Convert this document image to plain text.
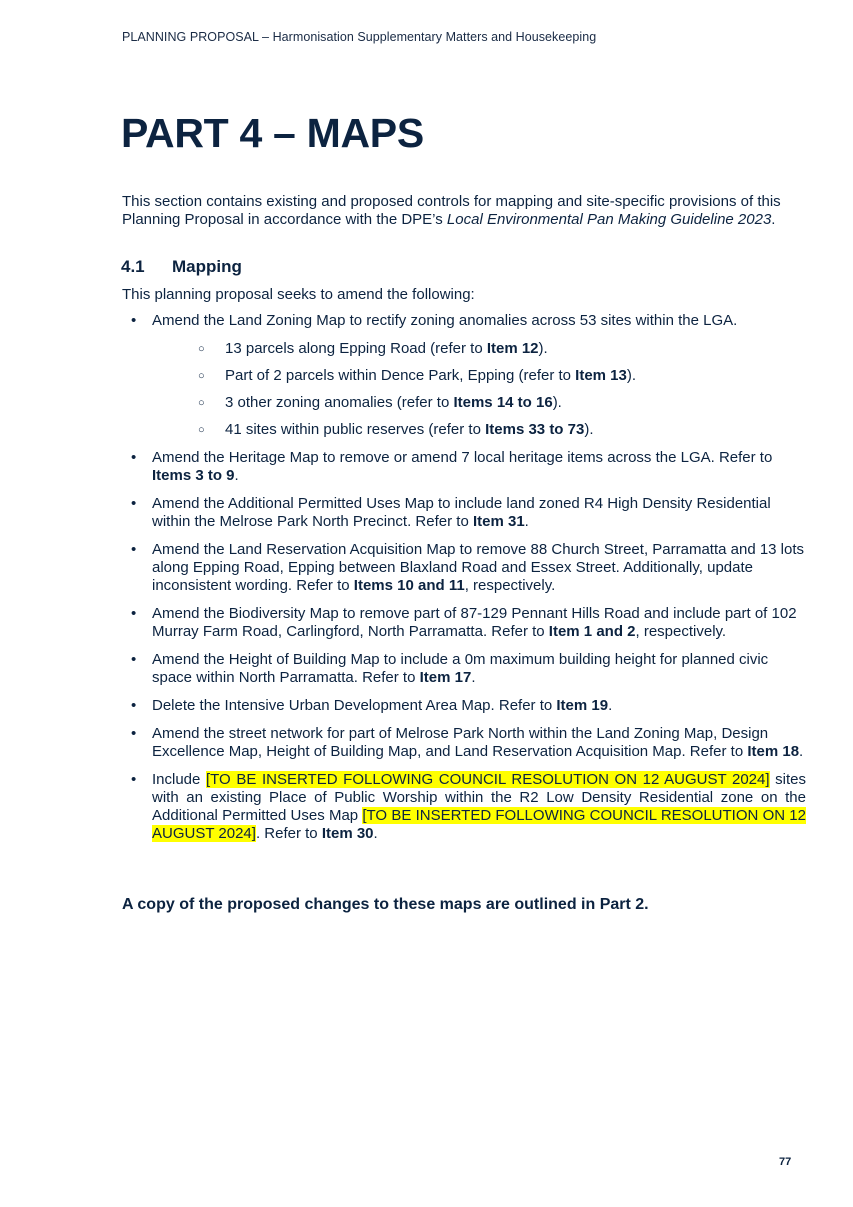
PLANNING PROPOSAL – Harmonisation Supplementary Matters and Housekeeping
PART 4 – MAPS

This section contains existing and proposed controls for mapping and site-specific provisions of this Planning Proposal in accordance with the DPE’s Local Environmental Pan Making Guideline 2023.

4.1 Mapping

This planning proposal seeks to amend the following:

• Amend the Land Zoning Map to rectify zoning anomalies across 53 sites within the LGA.
○ 13 parcels along Epping Road (refer to Item 12).
○ Part of 2 parcels within Dence Park, Epping (refer to Item 13).
○ 3 other zoning anomalies (refer to Items 14 to 16).
○ 41 sites within public reserves (refer to Items 33 to 73).
• Amend the Heritage Map to remove or amend 7 local heritage items across the LGA. Refer to Items 3 to 9.
• Amend the Additional Permitted Uses Map to include land zoned R4 High Density Residential within the Melrose Park North Precinct. Refer to Item 31.
• Amend the Land Reservation Acquisition Map to remove 88 Church Street, Parramatta and 13 lots along Epping Road, Epping between Blaxland Road and Essex Street. Additionally, update inconsistent wording. Refer to Items 10 and 11, respectively.
• Amend the Biodiversity Map to remove part of 87-129 Pennant Hills Road and include part of 102 Murray Farm Road, Carlingford, North Parramatta. Refer to Item 1 and 2, respectively.
• Amend the Height of Building Map to include a 0m maximum building height for planned civic space within North Parramatta. Refer to Item 17.
• Delete the Intensive Urban Development Area Map. Refer to Item 19.
• Amend the street network for part of Melrose Park North within the Land Zoning Map, Design Excellence Map, Height of Building Map, and Land Reservation Acquisition Map. Refer to Item 18.
• Include [TO BE INSERTED FOLLOWING COUNCIL RESOLUTION ON 12 AUGUST 2024] sites with an existing Place of Public Worship within the R2 Low Density Residential zone on the Additional Permitted Uses Map [TO BE INSERTED FOLLOWING COUNCIL RESOLUTION ON 12 AUGUST 2024]. Refer to Item 30.

A copy of the proposed changes to these maps are outlined in Part 2.

77
